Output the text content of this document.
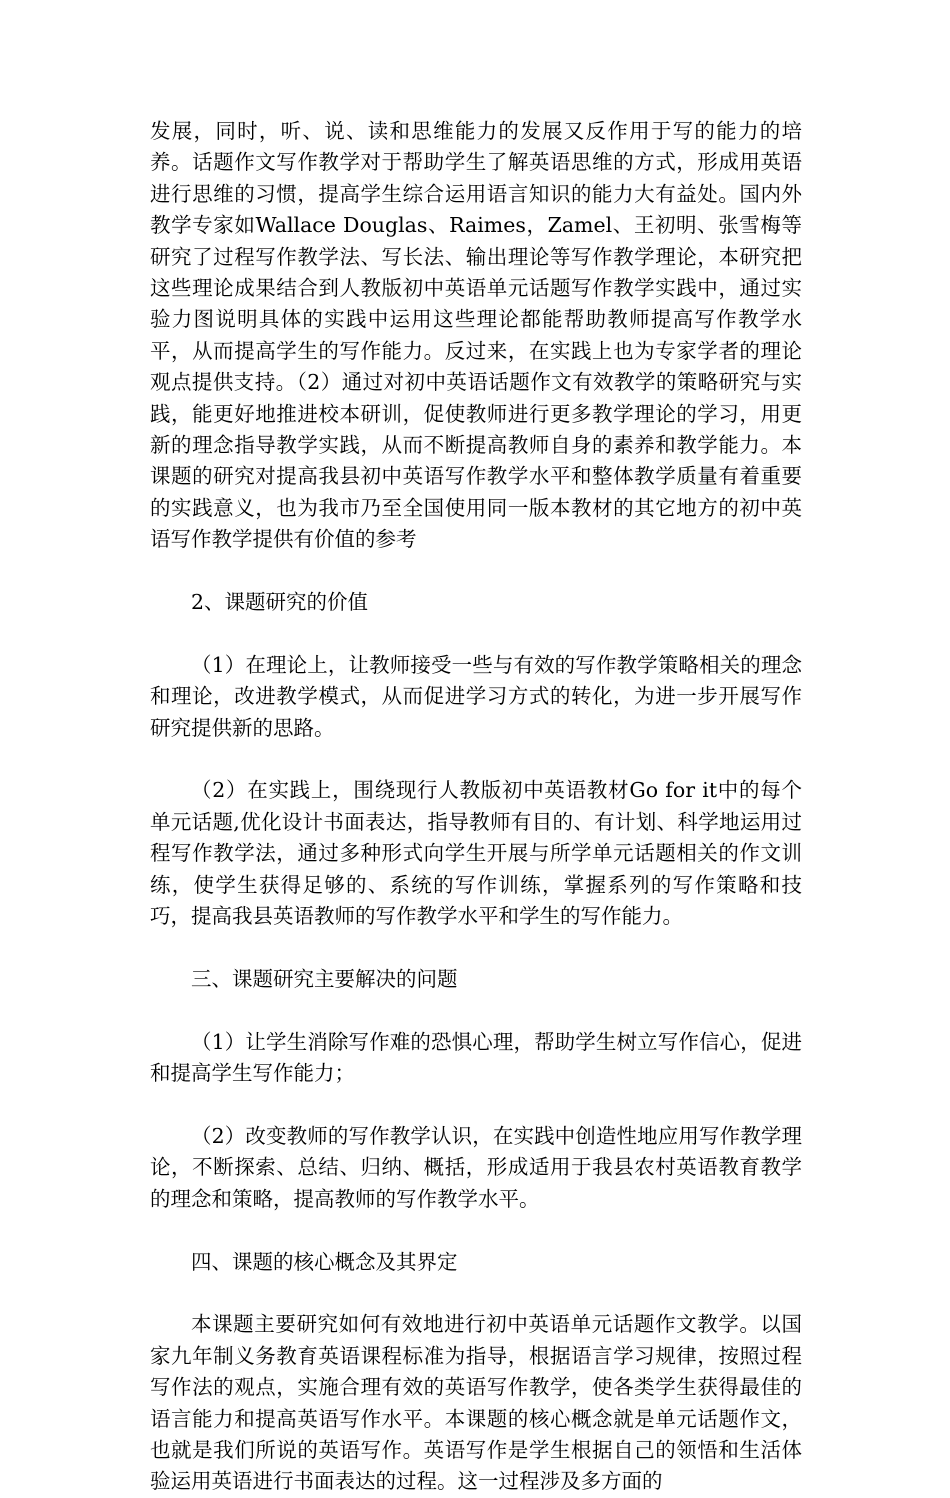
发展，同时，听、说、读和思维能力的发展又反作用于写的能力的培养。话题作文写作教学对于帮助学生了解英语思维的方式，形成用英语进行思维的习惯，提高学生综合运用语言知识的能力大有益处。国内外教学专家如Wallace Douglas、Raimes，Zamel、王初明、张雪梅等研究了过程写作教学法、写长法、输出理论等写作教学理论，本研究把这些理论成果结合到人教版初中英语单元话题写作教学实践中，通过实验力图说明具体的实践中运用这些理论都能帮助教师提高写作教学水平，从而提高学生的写作能力。反过来，在实践上也为专家学者的理论观点提供支持。（2）通过对初中英语话题作文有效教学的策略研究与实践，能更好地推进校本研训，促使教师进行更多教学理论的学习，用更新的理念指导教学实践，从而不断提高教师自身的素养和教学能力。本课题的研究对提高我县初中英语写作教学水平和整体教学质量有着重要的实践意义，也为我市乃至全国使用同一版本教材的其它地方的初中英语写作教学提供有价值的参考

2、课题研究的价值

（1）在理论上，让教师接受一些与有效的写作教学策略相关的理念和理论，改进教学模式，从而促进学习方式的转化，为进一步开展写作研究提供新的思路。

（2）在实践上，围绕现行人教版初中英语教材Go for it中的每个单元话题,优化设计书面表达，指导教师有目的、有计划、科学地运用过程写作教学法，通过多种形式向学生开展与所学单元话题相关的作文训练，使学生获得足够的、系统的写作训练，掌握系列的写作策略和技巧，提高我县英语教师的写作教学水平和学生的写作能力。

三、课题研究主要解决的问题

（1）让学生消除写作难的恐惧心理，帮助学生树立写作信心，促进和提高学生写作能力；

（2）改变教师的写作教学认识，在实践中创造性地应用写作教学理论，不断探索、总结、归纳、概括，形成适用于我县农村英语教育教学的理念和策略，提高教师的写作教学水平。

四、课题的核心概念及其界定

本课题主要研究如何有效地进行初中英语单元话题作文教学。以国家九年制义务教育英语课程标准为指导，根据语言学习规律，按照过程写作法的观点，实施合理有效的英语写作教学，使各类学生获得最佳的语言能力和提高英语写作水平。本课题的核心概念就是单元话题作文，也就是我们所说的英语写作。英语写作是学生根据自己的领悟和生活体验运用英语进行书面表达的过程。这一过程涉及多方面的
